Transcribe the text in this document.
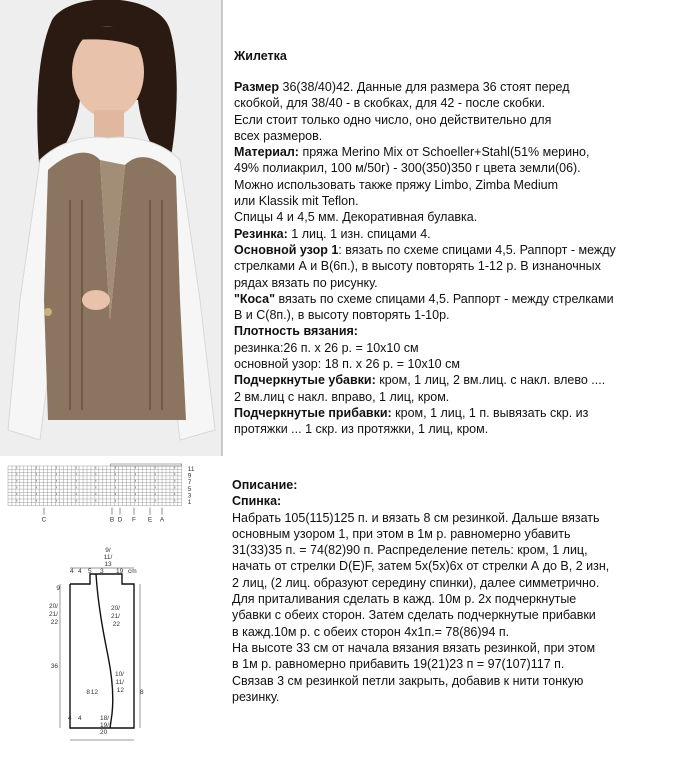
Жилетка
Размер 36(38/40)42. Данные для размера 36 стоят перед
скобкой, для 38/40 - в скобках, для 42 - после скобки.
Если стоит только одно число, оно действительно для
всех размеров.
Материал: пряжа Merino Mix от Schoeller+Stahl(51% мерино,
49% полиакрил, 100 м/50г) - 300(350)350 г цвета земли(06).
Можно использовать также пряжу Limbo, Zimba Medium
или Klassik mit Teflon.
Спицы 4 и 4,5 мм. Декоративная булавка.
Резинка: 1 лиц. 1 изн. спицами 4.
Основной узор 1: вязать по схеме спицами 4,5. Раппорт - между
стрелками А и В(6п.), в высоту повторять 1-12 р. В изнаночных
рядах вязать по рисунку.
"Коса" вязать по схеме спицами 4,5. Раппорт - между стрелками
В и С(8п.), в высоту повторять 1-10р.
Плотность вязания:
резинка:26 п. х 26 р. = 10х10 см
основной узор: 18 п. х 26 р. = 10х10 см
Подчеркнутые убавки: кром, 1 лиц, 2 вм.лиц. с накл. влево ....
2 вм.лиц с накл. вправо, 1 лиц, кром.
Подчеркнутые прибавки: кром, 1 лиц, 1 п. вывязать скр. из
протяжки ... 1 скр. из протяжки, 1 лиц, кром.
Описание:
Спинка:
Набрать 105(115)125 п. и вязать 8 см резинкой. Дальше вязать
основным узором 1, при этом в 1м р. равномерно убавить
31(33)35 п. = 74(82)90 п. Распределение петель: кром, 1 лиц,
начать от стрелки D(E)F, затем 5х(5х)6х от стрелки А до В, 2 изн,
2 лиц, (2 лиц. образуют середину спинки), далее симметрично.
Для приталивания сделать в кажд. 10м р. 2х подчеркнутые
убавки с обеих сторон. Затем сделать подчеркнутые прибавки
в кажд.10м р. с обеих сторон 4х1п.= 78(86)94 п.
На высоте 33 см от начала вязания вязать резинкой, при этом
в 1м р. равномерно прибавить 19(21)23 п = 97(107)117 п.
Связав 3 см резинкой петли закрыть, добавив к нити тонкую
резинку.
11
9
7
5
3
1
C	B D F E A
9/
11/
13
4 4 5 3 19 cm
9
20/
21/
22
20/
21/
22
36
12
10/
11/
12
8	8
4 4	18/
19/
20
